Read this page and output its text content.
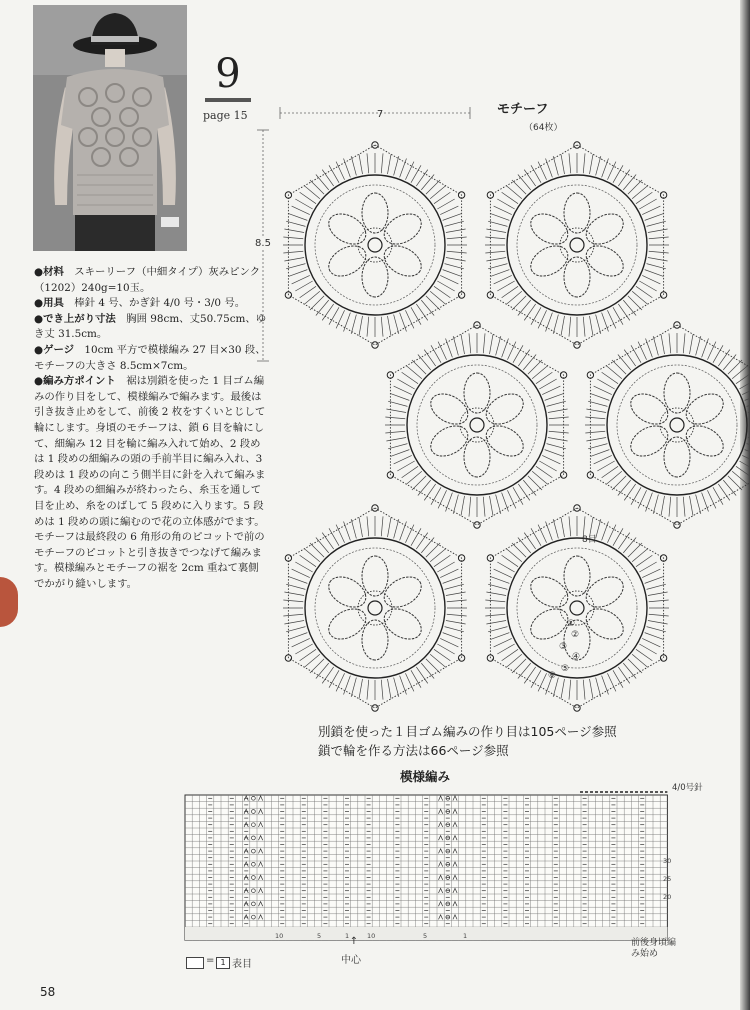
9
page 15

●材料　 スキーリーフ（中細タイプ）灰みピンク（1202）240g=10玉。

●用具　 棒針 4 号、かぎ針 4/0 号・3/0 号。

●でき上がり寸法　 胸囲 98cm、丈50.75cm、ゆき丈 31.5cm。

●ゲージ　 10cm 平方で模様編み 27 目×30 段、モチーフの大きさ 8.5cm×7cm。

●編み方ポイント　 裾は別鎖を使った 1 目ゴム編みの作り目をして、模様編みで編みます。最後は引き抜き止めをして、前後 2 枚をすくいとじして輪にします。身頃のモチーフは、鎖 6 目を輪にして、細編み 12 目を輪に編み入れて始め、2 段めは 1 段めの細編みの頭の手前半目に編み入れ、3 段めは 1 段めの向こう側半目に針を入れて編みます。4 段めの細編みが終わったら、糸玉を通して目を止め、糸をのばして 5 段めに入ります。5 段めは 1 段めの頭に編むので花の立体感がでます。モチーフは最終段の 6 角形の角のピコットで前のモチーフのピコットと引き抜きでつなげて編みます。模様編みとモチーフの裾を 2cm 重ねて裏側でかがり縫いします。

モチーフ
（64枚）
7
8.5
8目
①
②
③
④
⑤
⑥
別鎖を使った１目ゴム編みの作り目は105ページ参照
鎖で輪を作る方法は66ページ参照
模様編み
4/0号針
30
25
20
10	5	1	10	5	1
↑
中心
前後身頃編み始め
= 1 表目
58
